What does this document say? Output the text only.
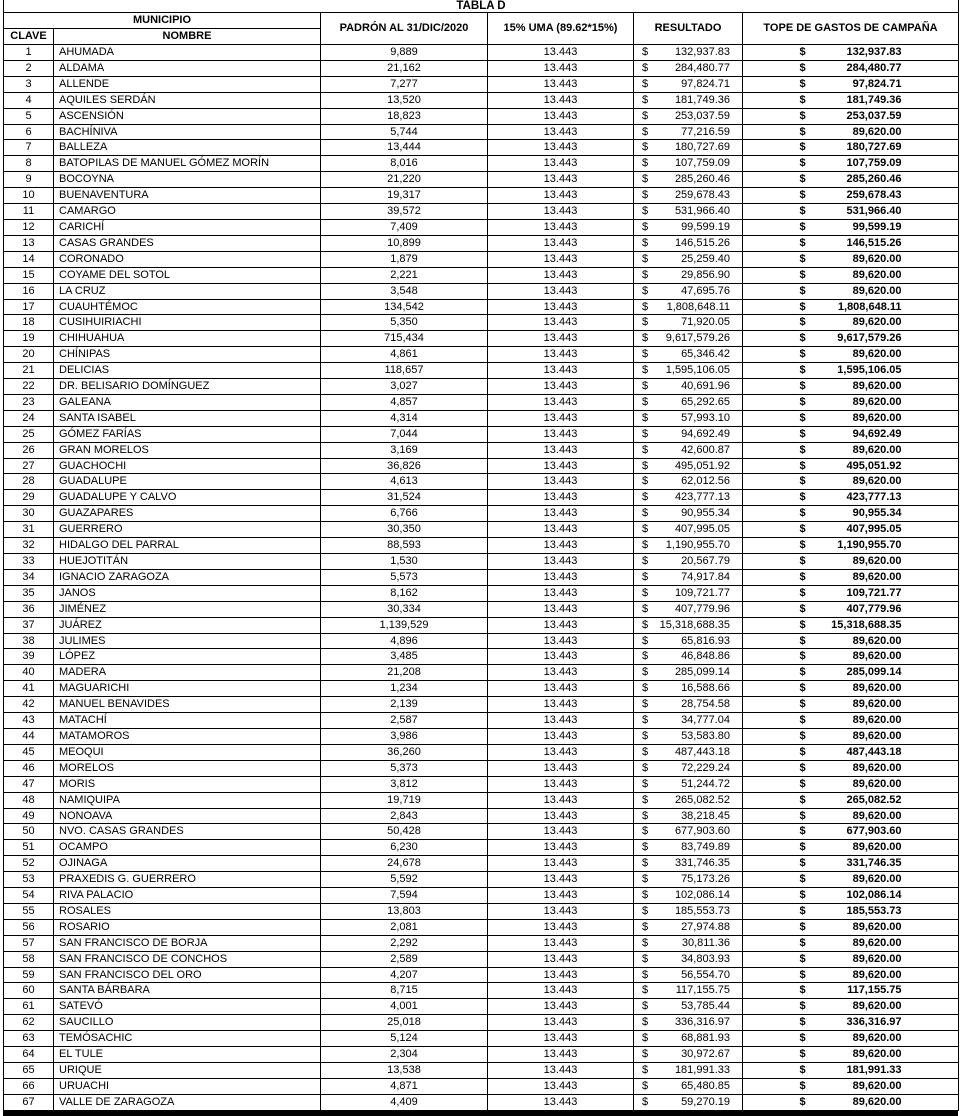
TABLA D					
MUNICIPIO		PADRÓN AL 31/DIC/2020	15% UMA (89.62*15%)	RESULTADO	TOPE DE GASTOS DE CAMPAÑA
CLAVE	NOMBRE				
1	AHUMADA	9,889	13.443	$ 132,937.83	$ 132,937.83

2	ALDAMA	21,162	13.443	$ 284,480.77	$ 284,480.77

3	ALLENDE	7,277	13.443	$ 97,824.71	$ 97,824.71

4	AQUILES SERDÁN	13,520	13.443	$ 181,749.36	$ 181,749.36

5	ASCENSIÓN	18,823	13.443	$ 253,037.59	$ 253,037.59

6	BACHÍNIVA	5,744	13.443	$ 77,216.59	$ 89,620.00

7	BALLEZA	13,444	13.443	$ 180,727.69	$ 180,727.69

8	BATOPILAS DE MANUEL GÓMEZ MORÍN	8,016	13.443	$ 107,759.09	$ 107,759.09

9	BOCOYNA	21,220	13.443	$ 285,260.46	$ 285,260.46

10	BUENAVENTURA	19,317	13.443	$ 259,678.43	$ 259,678.43

11	CAMARGO	39,572	13.443	$ 531,966.40	$ 531,966.40

12	CARICHÍ	7,409	13.443	$ 99,599.19	$ 99,599.19

13	CASAS GRANDES	10,899	13.443	$ 146,515.26	$ 146,515.26

14	CORONADO	1,879	13.443	$ 25,259.40	$ 89,620.00

15	COYAME DEL SOTOL	2,221	13.443	$ 29,856.90	$ 89,620.00

16	LA CRUZ	3,548	13.443	$ 47,695.76	$ 89,620.00

17	CUAUHTÉMOC	134,542	13.443	$ 1,808,648.11	$ 1,808,648.11

18	CUSIHUIRIACHI	5,350	13.443	$ 71,920.05	$ 89,620.00

19	CHIHUAHUA	715,434	13.443	$ 9,617,579.26	$ 9,617,579.26

20	CHÍNIPAS	4,861	13.443	$ 65,346.42	$ 89,620.00

21	DELICIAS	118,657	13.443	$ 1,595,106.05	$ 1,595,106.05

22	DR. BELISARIO DOMÍNGUEZ	3,027	13.443	$ 40,691.96	$ 89,620.00

23	GALEANA	4,857	13.443	$ 65,292.65	$ 89,620.00

24	SANTA ISABEL	4,314	13.443	$ 57,993.10	$ 89,620.00

25	GÓMEZ FARÍAS	7,044	13.443	$ 94,692.49	$ 94,692.49

26	GRAN MORELOS	3,169	13.443	$ 42,600.87	$ 89,620.00

27	GUACHOCHI	36,826	13.443	$ 495,051.92	$ 495,051.92

28	GUADALUPE	4,613	13.443	$ 62,012.56	$ 89,620.00

29	GUADALUPE Y CALVO	31,524	13.443	$ 423,777.13	$ 423,777.13

30	GUAZAPARES	6,766	13.443	$ 90,955.34	$ 90,955.34

31	GUERRERO	30,350	13.443	$ 407,995.05	$ 407,995.05

32	HIDALGO DEL PARRAL	88,593	13.443	$ 1,190,955.70	$ 1,190,955.70

33	HUEJOTITÁN	1,530	13.443	$ 20,567.79	$ 89,620.00

34	IGNACIO ZARAGOZA	5,573	13.443	$ 74,917.84	$ 89,620.00

35	JANOS	8,162	13.443	$ 109,721.77	$ 109,721.77

36	JIMÉNEZ	30,334	13.443	$ 407,779.96	$ 407,779.96

37	JUÁREZ	1,139,529	13.443	$ 15,318,688.35	$ 15,318,688.35

38	JULIMES	4,896	13.443	$ 65,816.93	$ 89,620.00

39	LÓPEZ	3,485	13.443	$ 46,848.86	$ 89,620.00

40	MADERA	21,208	13.443	$ 285,099.14	$ 285,099.14

41	MAGUARICHI	1,234	13.443	$ 16,588.66	$ 89,620.00

42	MANUEL BENAVIDES	2,139	13.443	$ 28,754.58	$ 89,620.00

43	MATACHÍ	2,587	13.443	$ 34,777.04	$ 89,620.00

44	MATAMOROS	3,986	13.443	$ 53,583.80	$ 89,620.00

45	MEOQUI	36,260	13.443	$ 487,443.18	$ 487,443.18

46	MORELOS	5,373	13.443	$ 72,229.24	$ 89,620.00

47	MORIS	3,812	13.443	$ 51,244.72	$ 89,620.00

48	NAMIQUIPA	19,719	13.443	$ 265,082.52	$ 265,082.52

49	NONOAVA	2,843	13.443	$ 38,218.45	$ 89,620.00

50	NVO. CASAS GRANDES	50,428	13.443	$ 677,903.60	$ 677,903.60

51	OCAMPO	6,230	13.443	$ 83,749.89	$ 89,620.00

52	OJINAGA	24,678	13.443	$ 331,746.35	$ 331,746.35

53	PRAXEDIS G. GUERRERO	5,592	13.443	$ 75,173.26	$ 89,620.00

54	RIVA PALACIO	7,594	13.443	$ 102,086.14	$ 102,086.14

55	ROSALES	13,803	13.443	$ 185,553.73	$ 185,553.73

56	ROSARIO	2,081	13.443	$ 27,974.88	$ 89,620.00

57	SAN FRANCISCO DE BORJA	2,292	13.443	$ 30,811.36	$ 89,620.00

58	SAN FRANCISCO DE CONCHOS	2,589	13.443	$ 34,803.93	$ 89,620.00

59	SAN FRANCISCO DEL ORO	4,207	13.443	$ 56,554.70	$ 89,620.00

60	SANTA BÁRBARA	8,715	13.443	$ 117,155.75	$ 117,155.75

61	SATEVÓ	4,001	13.443	$ 53,785.44	$ 89,620.00

62	SAUCILLO	25,018	13.443	$ 336,316.97	$ 336,316.97

63	TEMÓSACHIC	5,124	13.443	$ 68,881.93	$ 89,620.00

64	EL TULE	2,304	13.443	$ 30,972.67	$ 89,620.00

65	URIQUE	13,538	13.443	$ 181,991.33	$ 181,991.33

66	URUACHI	4,871	13.443	$ 65,480.85	$ 89,620.00

67	VALLE DE ZARAGOZA	4,409	13.443	$ 59,270.19	$ 89,620.00
